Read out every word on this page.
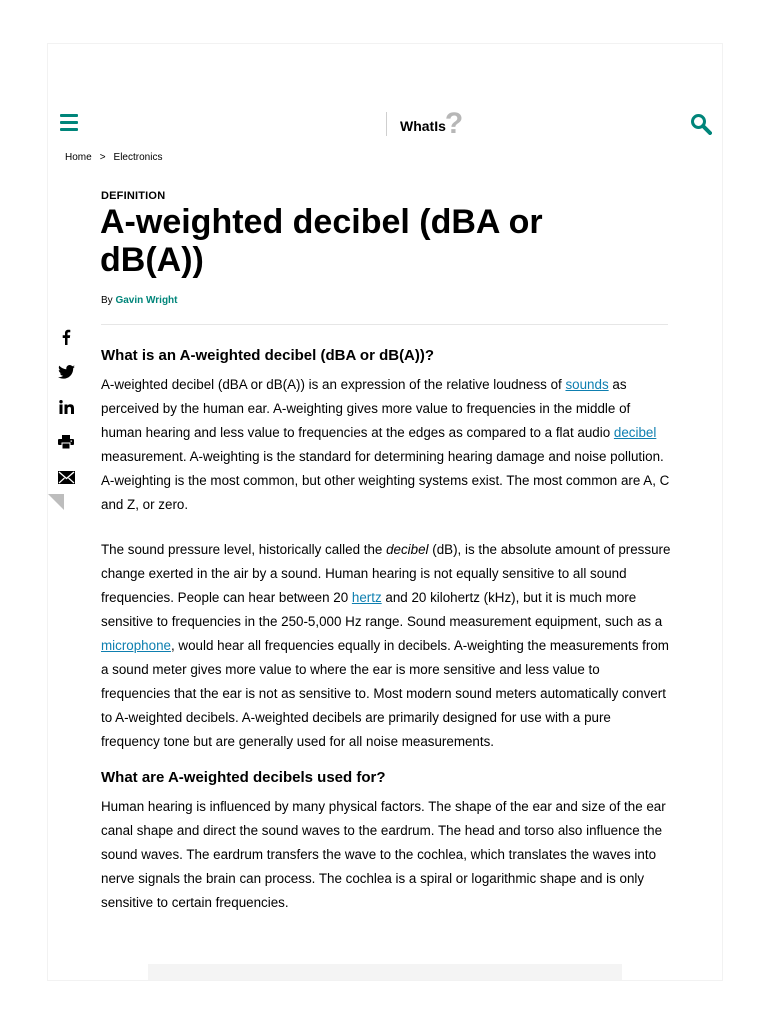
WhatIs ?
Home > Electronics
DEFINITION
A-weighted decibel (dBA or dB(A))
By Gavin Wright
What is an A-weighted decibel (dBA or dB(A))?

A-weighted decibel (dBA or dB(A)) is an expression of the relative loudness of sounds as perceived by the human ear. A-weighting gives more value to frequencies in the middle of human hearing and less value to frequencies at the edges as compared to a flat audio decibel measurement. A-weighting is the standard for determining hearing damage and noise pollution. A-weighting is the most common, but other weighting systems exist. The most common are A, C and Z, or zero.

The sound pressure level, historically called the decibel (dB), is the absolute amount of pressure change exerted in the air by a sound. Human hearing is not equally sensitive to all sound frequencies. People can hear between 20 hertz and 20 kilohertz (kHz), but it is much more sensitive to frequencies in the 250-5,000 Hz range. Sound measurement equipment, such as a microphone, would hear all frequencies equally in decibels. A-weighting the measurements from a sound meter gives more value to where the ear is more sensitive and less value to frequencies that the ear is not as sensitive to. Most modern sound meters automatically convert to A-weighted decibels. A-weighted decibels are primarily designed for use with a pure frequency tone but are generally used for all noise measurements.

What are A-weighted decibels used for?

Human hearing is influenced by many physical factors. The shape of the ear and size of the ear canal shape and direct the sound waves to the eardrum. The head and torso also influence the sound waves. The eardrum transfers the wave to the cochlea, which translates the waves into nerve signals the brain can process. The cochlea is a spiral or logarithmic shape and is only sensitive to certain frequencies.
